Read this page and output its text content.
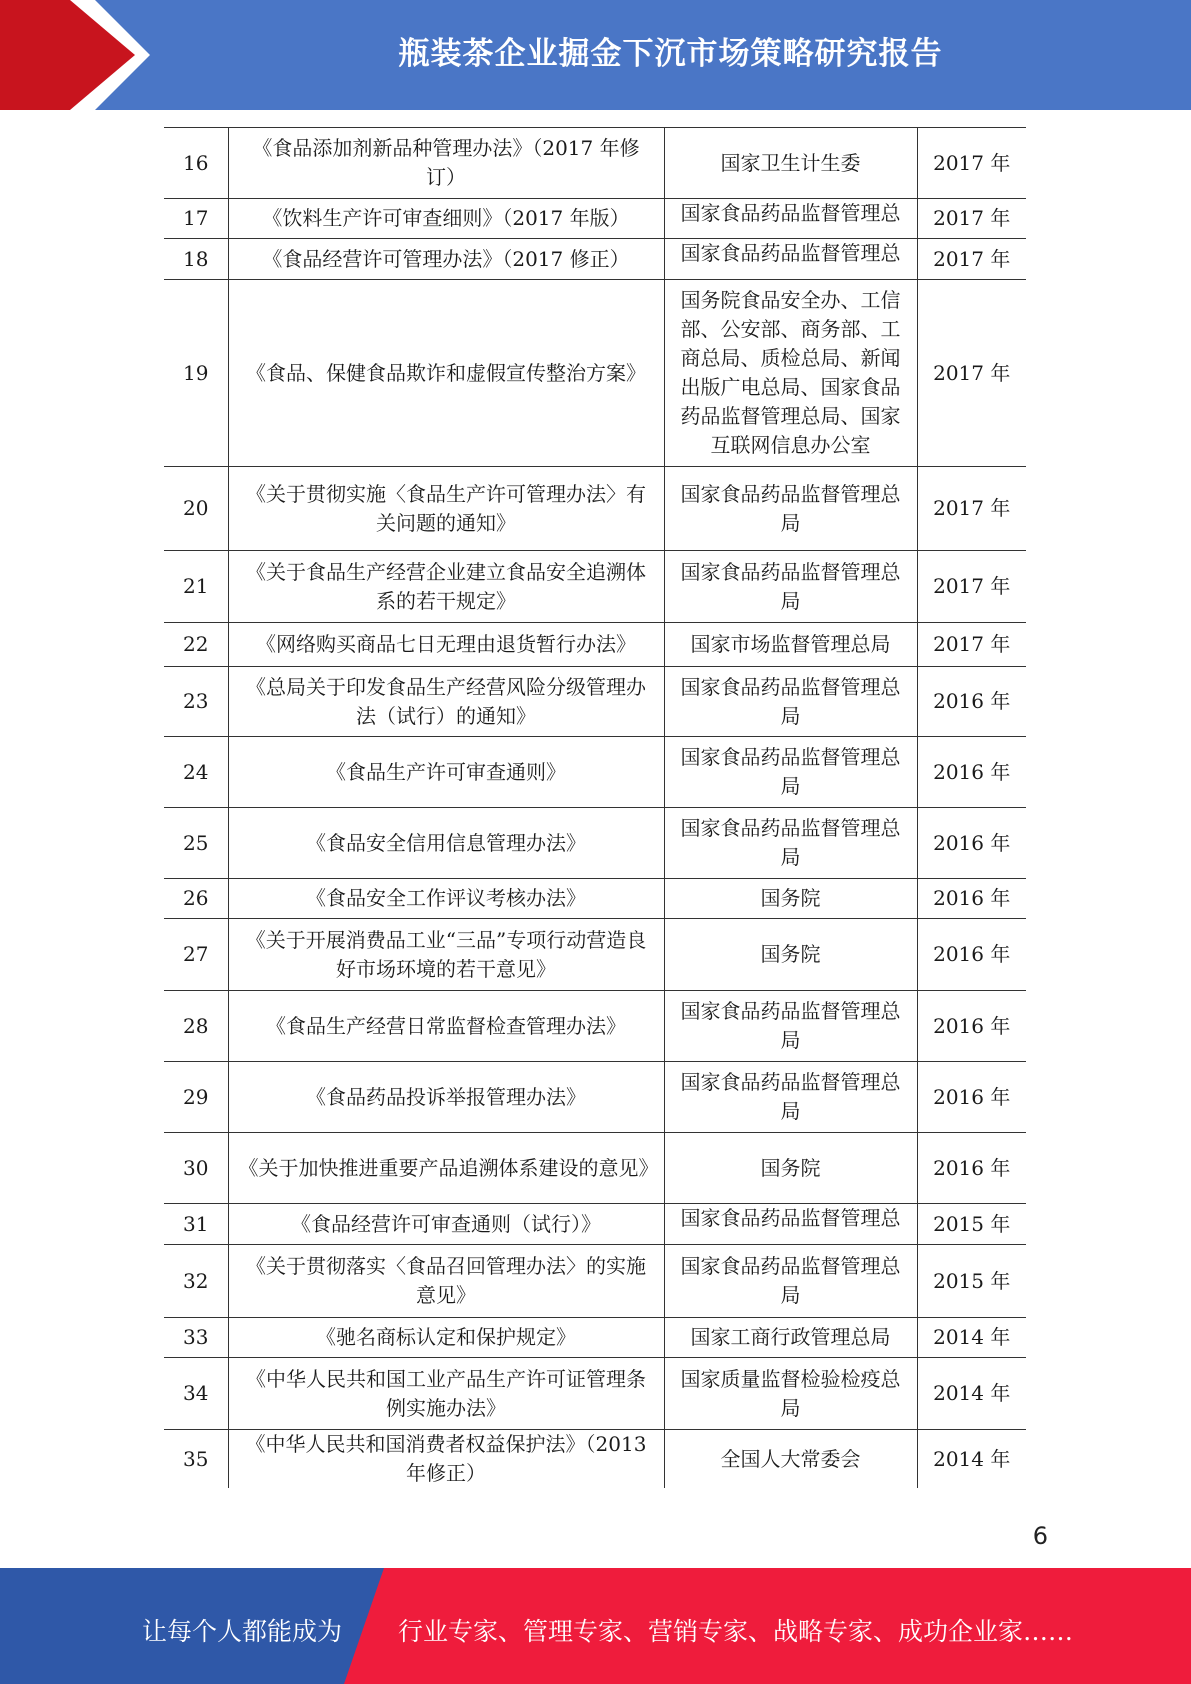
瓶装茶企业掘金下沉市场策略研究报告
16	《食品添加剂新品种管理办法》（2017 年修订）	国家卫生计生委	2017 年
17	《饮料生产许可审查细则》（2017 年版）	国家食品药品监督管理总	2017 年
18	《食品经营许可管理办法》（2017 修正）	国家食品药品监督管理总	2017 年
19	《食品、保健食品欺诈和虚假宣传整治方案》	国务院食品安全办、工信部、公安部、商务部、工商总局、质检总局、新闻出版广电总局、国家食品药品监督管理总局、国家互联网信息办公室	2017 年
20	《关于贯彻实施〈食品生产许可管理办法〉有关问题的通知》	国家食品药品监督管理总局	2017 年
21	《关于食品生产经营企业建立食品安全追溯体系的若干规定》	国家食品药品监督管理总局	2017 年
22	《网络购买商品七日无理由退货暂行办法》	国家市场监督管理总局	2017 年
23	《总局关于印发食品生产经营风险分级管理办法（试行）的通知》	国家食品药品监督管理总局	2016 年
24	《食品生产许可审查通则》	国家食品药品监督管理总局	2016 年
25	《食品安全信用信息管理办法》	国家食品药品监督管理总局	2016 年
26	《食品安全工作评议考核办法》	国务院	2016 年
27	《关于开展消费品工业“三品”专项行动营造良好市场环境的若干意见》	国务院	2016 年
28	《食品生产经营日常监督检查管理办法》	国家食品药品监督管理总局	2016 年
29	《食品药品投诉举报管理办法》	国家食品药品监督管理总局	2016 年
30	《关于加快推进重要产品追溯体系建设的意见》	国务院	2016 年
31	《食品经营许可审查通则（试行）》	国家食品药品监督管理总	2015 年
32	《关于贯彻落实〈食品召回管理办法〉的实施意见》	国家食品药品监督管理总局	2015 年
33	《驰名商标认定和保护规定》	国家工商行政管理总局	2014 年
34	《中华人民共和国工业产品生产许可证管理条例实施办法》	国家质量监督检验检疫总局	2014 年
35	《中华人民共和国消费者权益保护法》（2013 年修正）	全国人大常委会	2014 年
6
让每个人都能成为 行业专家、管理专家、营销专家、战略专家、成功企业家……
